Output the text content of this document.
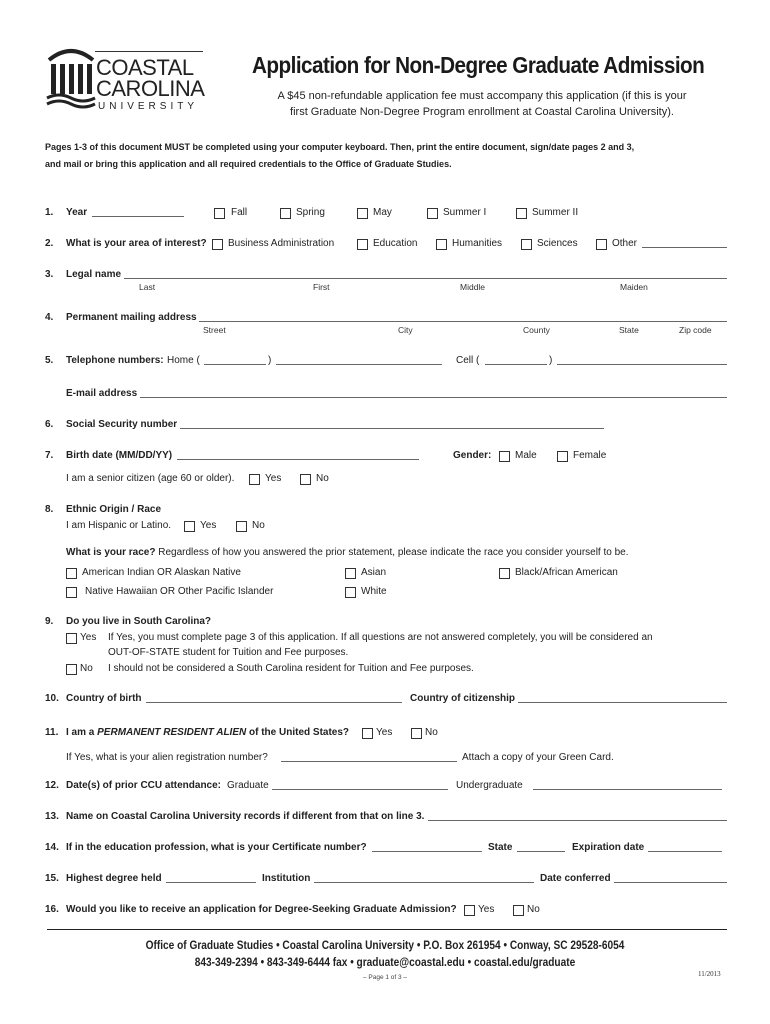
COASTAL
CAROLINA
UNIVERSITY
Application for Non-Degree Graduate Admission
A $45 non-refundable application fee must accompany this application (if this is your
first Graduate Non-Degree Program enrollment at Coastal Carolina University).
Pages 1-3 of this document MUST be completed using your computer keyboard. Then, print the entire document, sign/date pages 2 and 3,
and mail or bring this application and all required credentials to the Office of Graduate Studies.
1. Year	Fall	Spring	May	Summer I	Summer II
2. What is your area of interest? Business Administration	Education	Humanities	Sciences	Other
3. Legal name
Last	First	Middle	Maiden
4. Permanent mailing address
Street	City	County	State	Zip code
5. Telephone numbers: Home (	)	Cell (	)
E-mail address
6. Social Security number
7. Birth date (MM/DD/YY)	Gender: Male	Female
I am a senior citizen (age 60 or older).	Yes	No
8. Ethnic Origin / Race
I am Hispanic or Latino.	Yes	No
What is your race? Regardless of how you answered the prior statement, please indicate the race you consider yourself to be.
American Indian OR Alaskan Native	Asian	Black/African American
Native Hawaiian OR Other Pacific Islander	White
9. Do you live in South Carolina?
Yes If Yes, you must complete page 3 of this application. If all questions are not answered completely, you will be considered an
OUT-OF-STATE student for Tuition and Fee purposes.
No I should not be considered a South Carolina resident for Tuition and Fee purposes.
10. Country of birth	Country of citizenship
11. I am a PERMANENT RESIDENT ALIEN of the United States?	Yes	No
If Yes, what is your alien registration number?	Attach a copy of your Green Card.
12. Date(s) of prior CCU attendance: Graduate	Undergraduate
13. Name on Coastal Carolina University records if different from that on line 3.
14. If in the education profession, what is your Certificate number?	State	Expiration date
15. Highest degree held	Institution	Date conferred
16. Would you like to receive an application for Degree-Seeking Graduate Admission? Yes	No
Office of Graduate Studies • Coastal Carolina University • P.O. Box 261954 • Conway, SC 29528-6054
843-349-2394 • 843-349-6444 fax • graduate@coastal.edu • coastal.edu/graduate
– Page 1 of 3 –	11/2013
